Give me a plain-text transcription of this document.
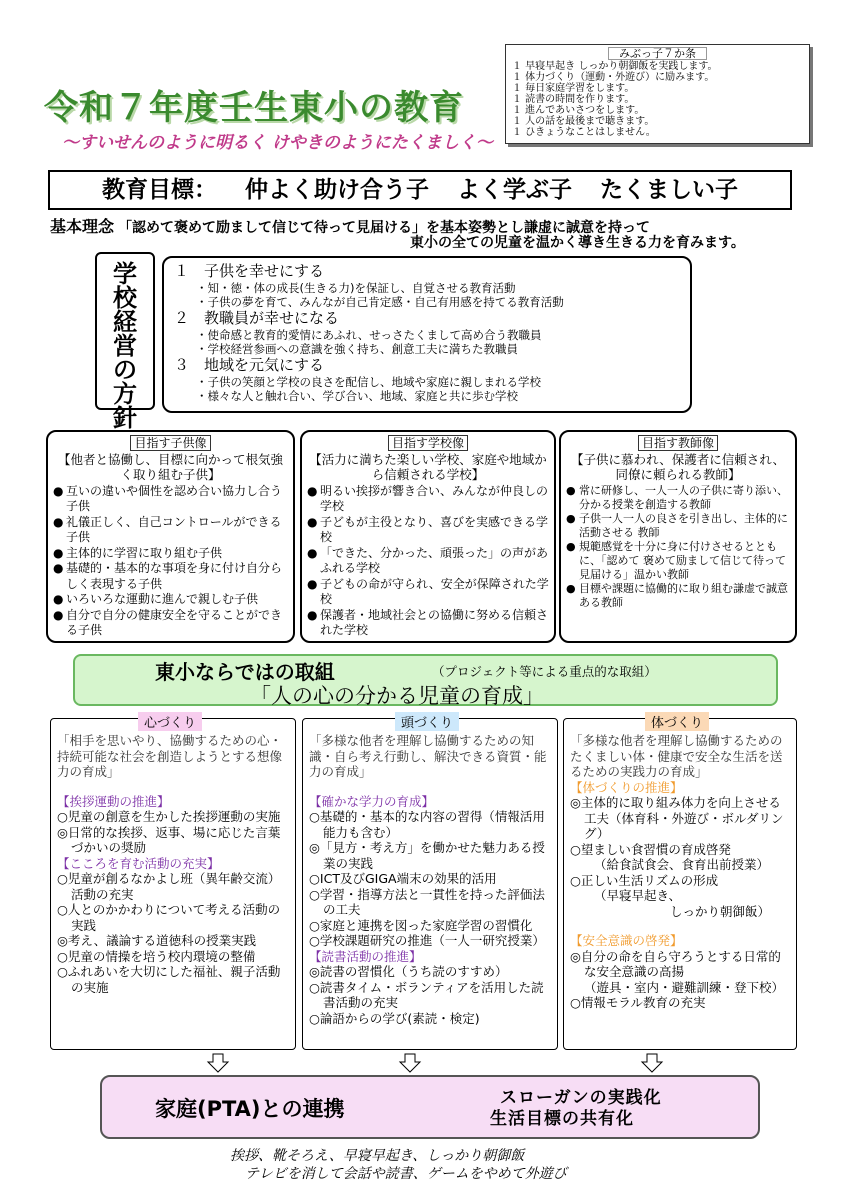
令和７年度壬生東小の教育
～すいせんのように明るく けやきのようにたくましく～
みぶっ子７か条
１ 早寝早起き しっかり朝御飯を実践します。
１ 体力づくり（運動・外遊び）に励みます。
１ 毎日家庭学習をします。
１ 読書の時間を作ります。
１ 進んであいさつをします。
１ 人の話を最後まで聴きます。
１ ひきょうなことはしません。
教育目標： 仲よく助け合う子 よく学ぶ子 たくましい子
基本理念 「認めて褒めて励まして信じて待って見届ける」を基本姿勢とし謙虚に誠意を持って
東小の全ての児童を温かく導き生きる力を育みます。
学
校
経
営
の
方
針
１ 子供を幸せにする
・知・徳・体の成長(生きる力)を保証し、自覚させる教育活動
・子供の夢を育て、みんなが自己肯定感・自己有用感を持てる教育活動
２ 教職員が幸せになる
・使命感と教育的愛情にあふれ、せっさたくまして高め合う教職員
・学校経営参画への意識を強く持ち、創意工夫に満ちた教職員
３ 地域を元気にする
・子供の笑顔と学校の良さを配信し、地域や家庭に親しまれる学校
・様々な人と触れ合い、学び合い、地域、家庭と共に歩む学校
目指す子供像
【他者と協働し、目標に向かって根気強く取り組む子供】
● 互いの違いや個性を認め合い協力し合う子供
● 礼儀正しく、自己コントロールができる子供
● 主体的に学習に取り組む子供
● 基礎的・基本的な事項を身に付け自分らしく表現する子供
● いろいろな運動に進んで親しむ子供
● 自分で自分の健康安全を守ることができる子供
目指す学校像
【活力に満ちた楽しい学校、家庭や地域から信頼される学校】
● 明るい挨拶が響き合い、みんなが仲良しの学校
● 子どもが主役となり、喜びを実感できる学校
● 「できた、分かった、頑張った」の声があふれる学校
● 子どもの命が守られ、安全が保障された学校
● 保護者・地域社会との協働に努める信頼された学校
目指す教師像
【子供に慕われ、保護者に信頼され、同僚に頼られる教師】
● 常に研修し、一人一人の子供に寄り添い、分かる授業を創造する教師
● 子供一人一人の良さを引き出し、主体的に活動させる 教師
● 規範感覚を十分に身に付けさせるとともに、「認めて 褒めて励まして信じて待って見届ける」温かい教師
● 目標や課題に協働的に取り組む謙虚で誠意ある教師
東小ならではの取組	（プロジェクト等による重点的な取組）
「人の心の分かる児童の育成」
心づくり	頭づくり	体づくり
「相手を思いやり、協働するための心・持続可能な社会を創造しようとする想像力の育成」
【挨拶運動の推進】
○児童の創意を生かした挨拶運動の実施
◎日常的な挨拶、返事、場に応じた言葉づかいの奨励
【こころを育む活動の充実】
○児童が創るなかよし班（異年齢交流）活動の充実
○人とのかかわりについて考える活動の実践
◎考え、議論する道徳科の授業実践
○児童の情操を培う校内環境の整備
○ふれあいを大切にした福祉、親子活動の実施
「多様な他者を理解し協働するための知識・自ら考え行動し、解決できる資質・能力の育成」
【確かな学力の育成】
○基礎的・基本的な内容の習得（情報活用能力も含む）
◎「見方・考え方」を働かせた魅力ある授業の実践
○ICT及びGIGA端末の効果的活用
○学習・指導方法と一貫性を持った評価法の工夫
○家庭と連携を図った家庭学習の習慣化
○学校課題研究の推進（一人一研究授業）
【読書活動の推進】
◎読書の習慣化（うち読のすすめ）
○読書タイム・ボランティアを活用した読書活動の充実
○論語からの学び(素読・検定)
「多様な他者を理解し協働するためのたくましい体・健康で安全な生活を送るための実践力の育成」
【体づくりの推進】
◎主体的に取り組み体力を向上させる工夫（体育科・外遊び・ボルダリング）
○望ましい食習慣の育成啓発
（給食試食会、食育出前授業）
○正しい生活リズムの形成
（早寝早起き、
しっかり朝御飯）
【安全意識の啓発】
◎自分の命を自ら守ろうとする日常的な安全意識の高揚
（遊具・室内・避難訓練・登下校）
○情報モラル教育の充実
家庭(PTA)との連携	スローガンの実践化
生活目標の共有化
挨拶、靴そろえ、早寝早起き、しっかり朝御飯
テレビを消して会話や読書、ゲームをやめて外遊び
